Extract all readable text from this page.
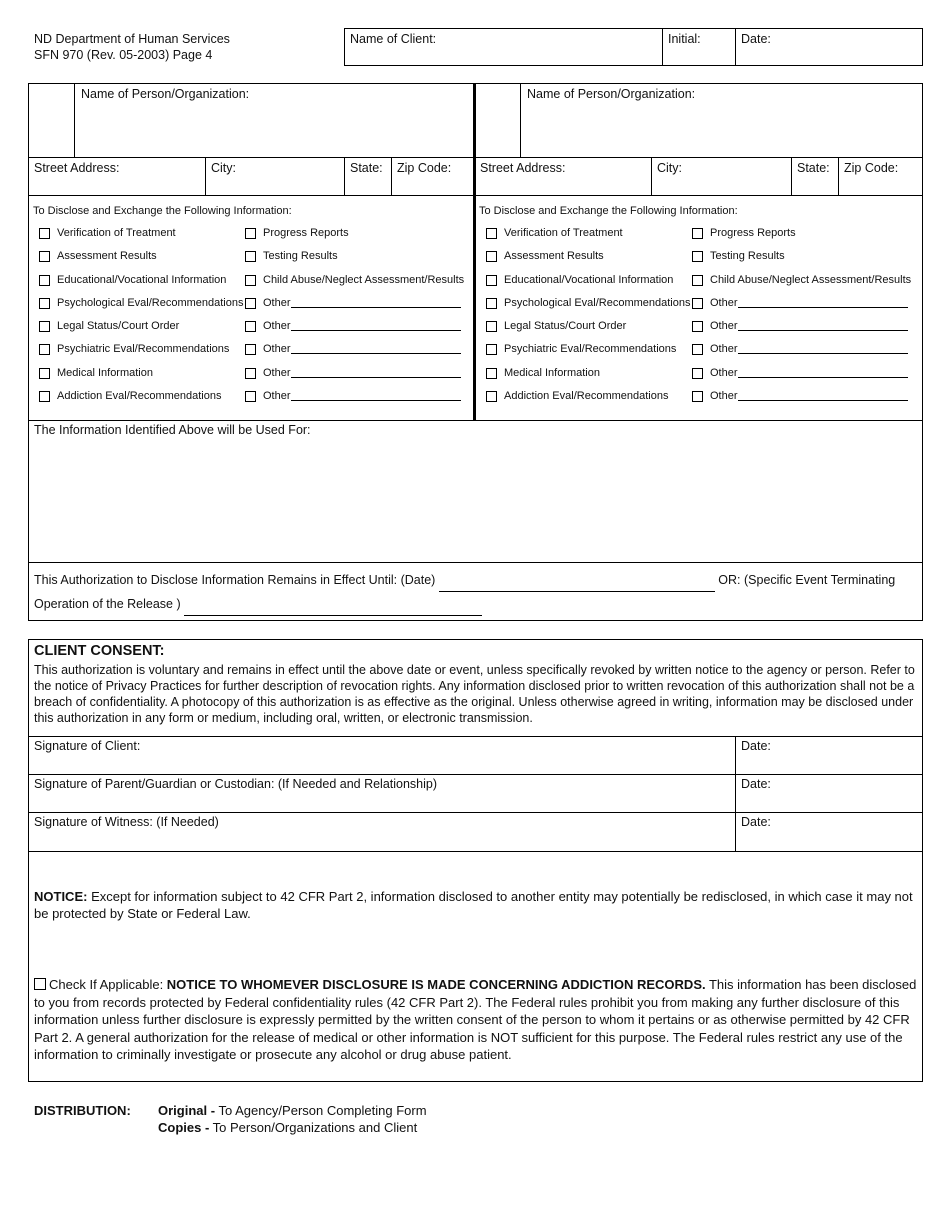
ND Department of Human Services
SFN 970 (Rev. 05-2003) Page 4
Name of Client:	Initial:	Date:
Name of Person/Organization:
Street Address:	City:	State:	Zip Code:
To Disclose and Exchange the Following Information:
Verification of Treatment
Assessment Results
Educational/Vocational Information
Psychological Eval/Recommendations
Legal Status/Court Order
Psychiatric Eval/Recommendations
Medical Information
Addiction Eval/Recommendations
Progress Reports
Testing Results
Child Abuse/Neglect Assessment/Results
Other
Other
Other
Other
Other
Name of Person/Organization:
Street Address:	City:	State:	Zip Code:
To Disclose and Exchange the Following Information:
Verification of Treatment
Assessment Results
Educational/Vocational Information
Psychological Eval/Recommendations
Legal Status/Court Order
Psychiatric Eval/Recommendations
Medical Information
Addiction Eval/Recommendations
Progress Reports
Testing Results
Child Abuse/Neglect Assessment/Results
Other
Other
Other
Other
Other
The Information Identified Above will be Used For:
This Authorization to Disclose Information Remains in Effect Until: (Date)	OR: (Specific Event Terminating
Operation of the Release )
CLIENT CONSENT:
This authorization is voluntary and remains in effect until the above date or event, unless specifically revoked by written notice to the agency or person. Refer to the notice of Privacy Practices for further description of revocation rights. Any information disclosed prior to written revocation of this authorization shall not be a breach of confidentiality. A photocopy of this authorization is as effective as the original. Unless otherwise agreed in writing, information may be disclosed under this authorization in any form or medium, including oral, written, or electronic transmission.
Signature of Client:	Date:
Signature of Parent/Guardian or Custodian: (If Needed and Relationship)	Date:
Signature of Witness: (If Needed)	Date:
NOTICE: Except for information subject to 42 CFR Part 2, information disclosed to another entity may potentially be redisclosed, in which case it may not be protected by State or Federal Law.
Check If Applicable: NOTICE TO WHOMEVER DISCLOSURE IS MADE CONCERNING ADDICTION RECORDS. This information has been disclosed to you from records protected by Federal confidentiality rules (42 CFR Part 2). The Federal rules prohibit you from making any further disclosure of this information unless further disclosure is expressly permitted by the written consent of the person to whom it pertains or as otherwise permitted by 42 CFR Part 2. A general authorization for the release of medical or other information is NOT sufficient for this purpose. The Federal rules restrict any use of the information to criminally investigate or prosecute any alcohol or drug abuse patient.
DISTRIBUTION: Original - To Agency/Person Completing Form
Copies - To Person/Organizations and Client
